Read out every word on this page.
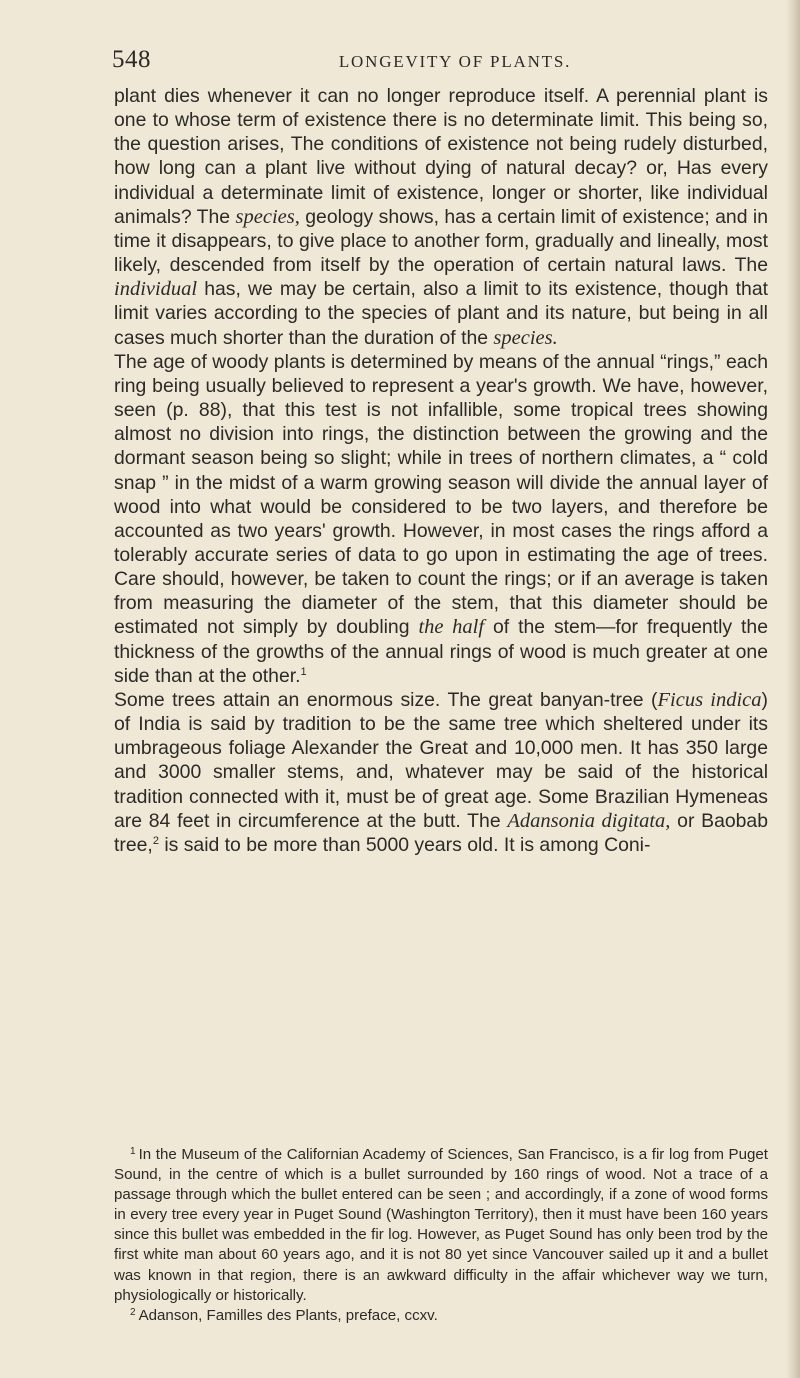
548	LONGEVITY OF PLANTS.

plant dies whenever it can no longer reproduce itself. A perennial plant is one to whose term of existence there is no determinate limit. This being so, the question arises, The conditions of existence not being rudely disturbed, how long can a plant live without dying of natural decay? or, Has every individual a determinate limit of existence, longer or shorter, like individual animals? The species, geology shows, has a certain limit of existence; and in time it disappears, to give place to another form, gradually and lineally, most likely, descended from itself by the operation of certain natural laws. The individual has, we may be certain, also a limit to its existence, though that limit varies according to the species of plant and its nature, but being in all cases much shorter than the duration of the species.

The age of woody plants is determined by means of the annual “rings,” each ring being usually believed to represent a year's growth. We have, however, seen (p. 88), that this test is not infallible, some tropical trees showing almost no division into rings, the distinction between the growing and the dormant season being so slight; while in trees of northern climates, a “ cold snap ” in the midst of a warm growing season will divide the annual layer of wood into what would be considered to be two layers, and therefore be accounted as two years' growth. However, in most cases the rings afford a tolerably accurate series of data to go upon in estimating the age of trees. Care should, however, be taken to count the rings; or if an average is taken from measuring the diameter of the stem, that this diameter should be estimated not simply by doubling the half of the stem—for frequently the thickness of the growths of the annual rings of wood is much greater at one side than at the other.$^1$

Some trees attain an enormous size. The great banyan-tree (Ficus indica) of India is said by tradition to be the same tree which sheltered under its umbrageous foliage Alexander the Great and 10,000 men. It has 350 large and 3000 smaller stems, and, whatever may be said of the historical tradition connected with it, must be of great age. Some Brazilian Hymeneas are 84 feet in circumference at the butt. The Adansonia digitata, or Baobab tree,$^2$ is said to be more than 5000 years old. It is among Coni-

$^1$ In the Museum of the Californian Academy of Sciences, San Francisco, is a fir log from Puget Sound, in the centre of which is a bullet surrounded by 160 rings of wood. Not a trace of a passage through which the bullet entered can be seen ; and accordingly, if a zone of wood forms in every tree every year in Puget Sound (Washington Territory), then it must have been 160 years since this bullet was embedded in the fir log. However, as Puget Sound has only been trod by the first white man about 60 years ago, and it is not 80 yet since Vancouver sailed up it and a bullet was known in that region, there is an awkward difficulty in the affair whichever way we turn, physiologically or historically.

$^2$ Adanson, Familles des Plants, preface, ccxv.
